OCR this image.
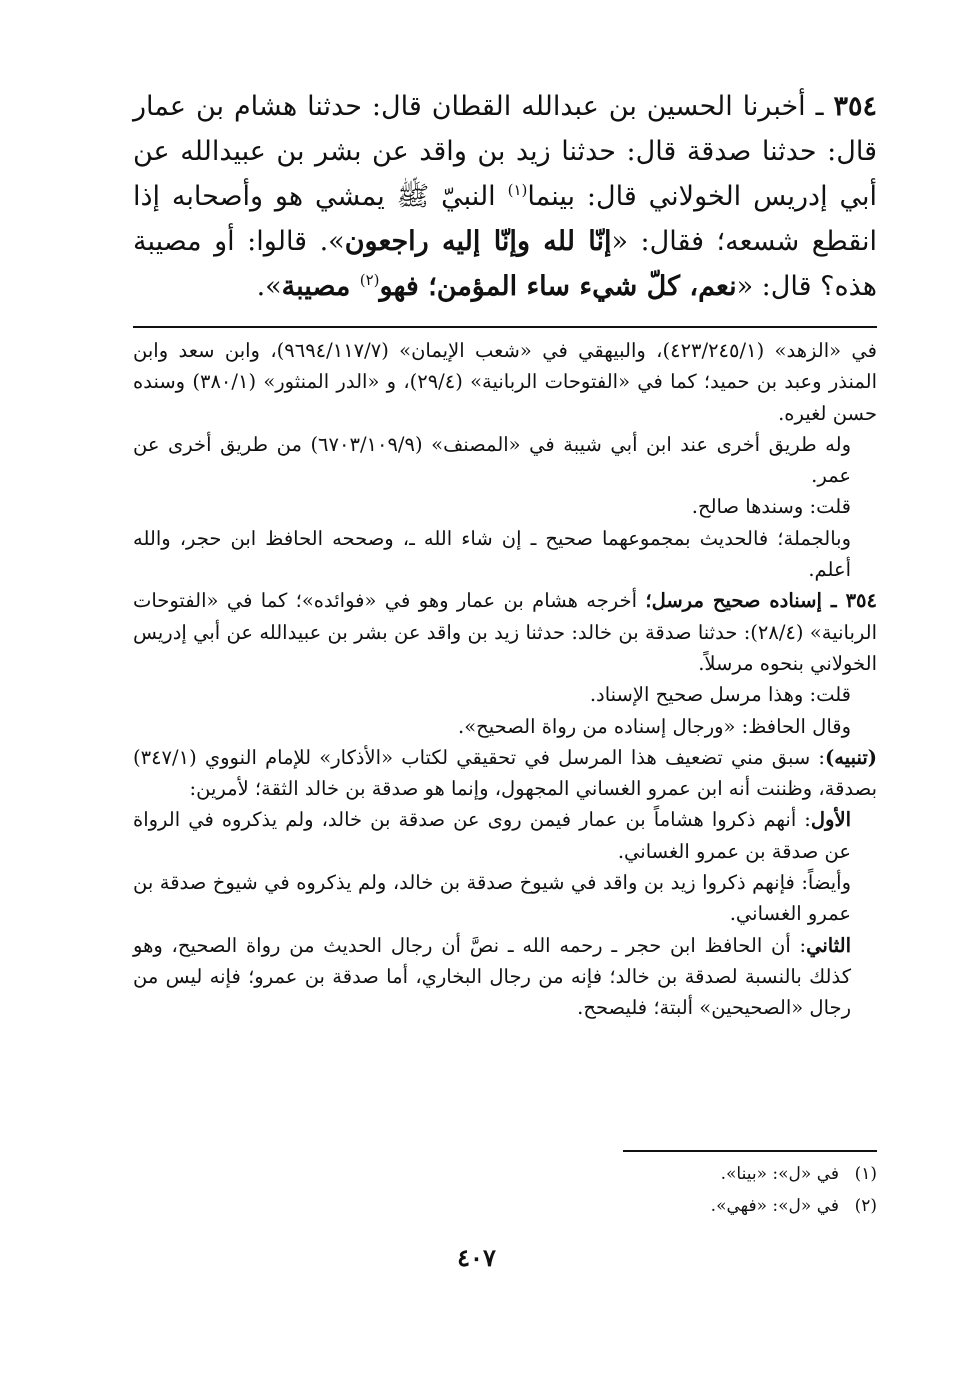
٣٥٤ ـ أخبرنا الحسين بن عبدالله القطان قال: حدثنا هشام بن عمار قال: حدثنا صدقة قال: حدثنا زيد بن واقد عن بشر بن عبيدالله عن أبي إدريس الخولاني قال: بينما$^{(١)}$ النبيّ ﷺ يمشي هو وأصحابه إذا انقطع شسعه؛ فقال: «إنّا لله وإنّا إليه راجعون». قالوا: أو مصيبة هذه؟ قال: «نعم، كلّ شيء ساء المؤمن؛ فهو$^{(٢)}$ مصيبة».

في «الزهد» (٤٢٣/٢٤٥/١)، والبيهقي في «شعب الإيمان» (٩٦٩٤/١١٧/٧)، وابن سعد وابن المنذر وعبد بن حميد؛ كما في «الفتوحات الربانية» (٢٩/٤)، و «الدر المنثور» (٣٨٠/١) وسنده حسن لغيره.

وله طريق أخرى عند ابن أبي شيبة في «المصنف» (٦٧٠٣/١٠٩/٩) من طريق أخرى عن عمر.

قلت: وسندها صالح.

وبالجملة؛ فالحديث بمجموعهما صحيح ـ إن شاء الله ـ، وصححه الحافظ ابن حجر، والله أعلم.

٣٥٤ ـ إسناده صحيح مرسل؛ أخرجه هشام بن عمار وهو في «فوائده»؛ كما في «الفتوحات الربانية» (٢٨/٤): حدثنا صدقة بن خالد: حدثنا زيد بن واقد عن بشر بن عبيدالله عن أبي إدريس الخولاني بنحوه مرسلاً.

قلت: وهذا مرسل صحيح الإسناد.

وقال الحافظ: «ورجال إسناده من رواة الصحيح».

(تنبيه): سبق مني تضعيف هذا المرسل في تحقيقي لكتاب «الأذكار» للإمام النووي (٣٤٧/١) بصدقة، وظننت أنه ابن عمرو الغساني المجهول، وإنما هو صدقة بن خالد الثقة؛ لأمرين:

الأول: أنهم ذكروا هشاماً بن عمار فيمن روى عن صدقة بن خالد، ولم يذكروه في الرواة عن صدقة بن عمرو الغساني.

وأيضاً: فإنهم ذكروا زيد بن واقد في شيوخ صدقة بن خالد، ولم يذكروه في شيوخ صدقة بن عمرو الغساني.

الثاني: أن الحافظ ابن حجر ـ رحمه الله ـ نصَّ أن رجال الحديث من رواة الصحيح، وهو كذلك بالنسبة لصدقة بن خالد؛ فإنه من رجال البخاري، أما صدقة بن عمرو؛ فإنه ليس من رجال «الصحيحين» ألبتة؛ فليصحح.

(١)في «ل»: «بينا».

(٢)في «ل»: «فهي».

٤٠٧
